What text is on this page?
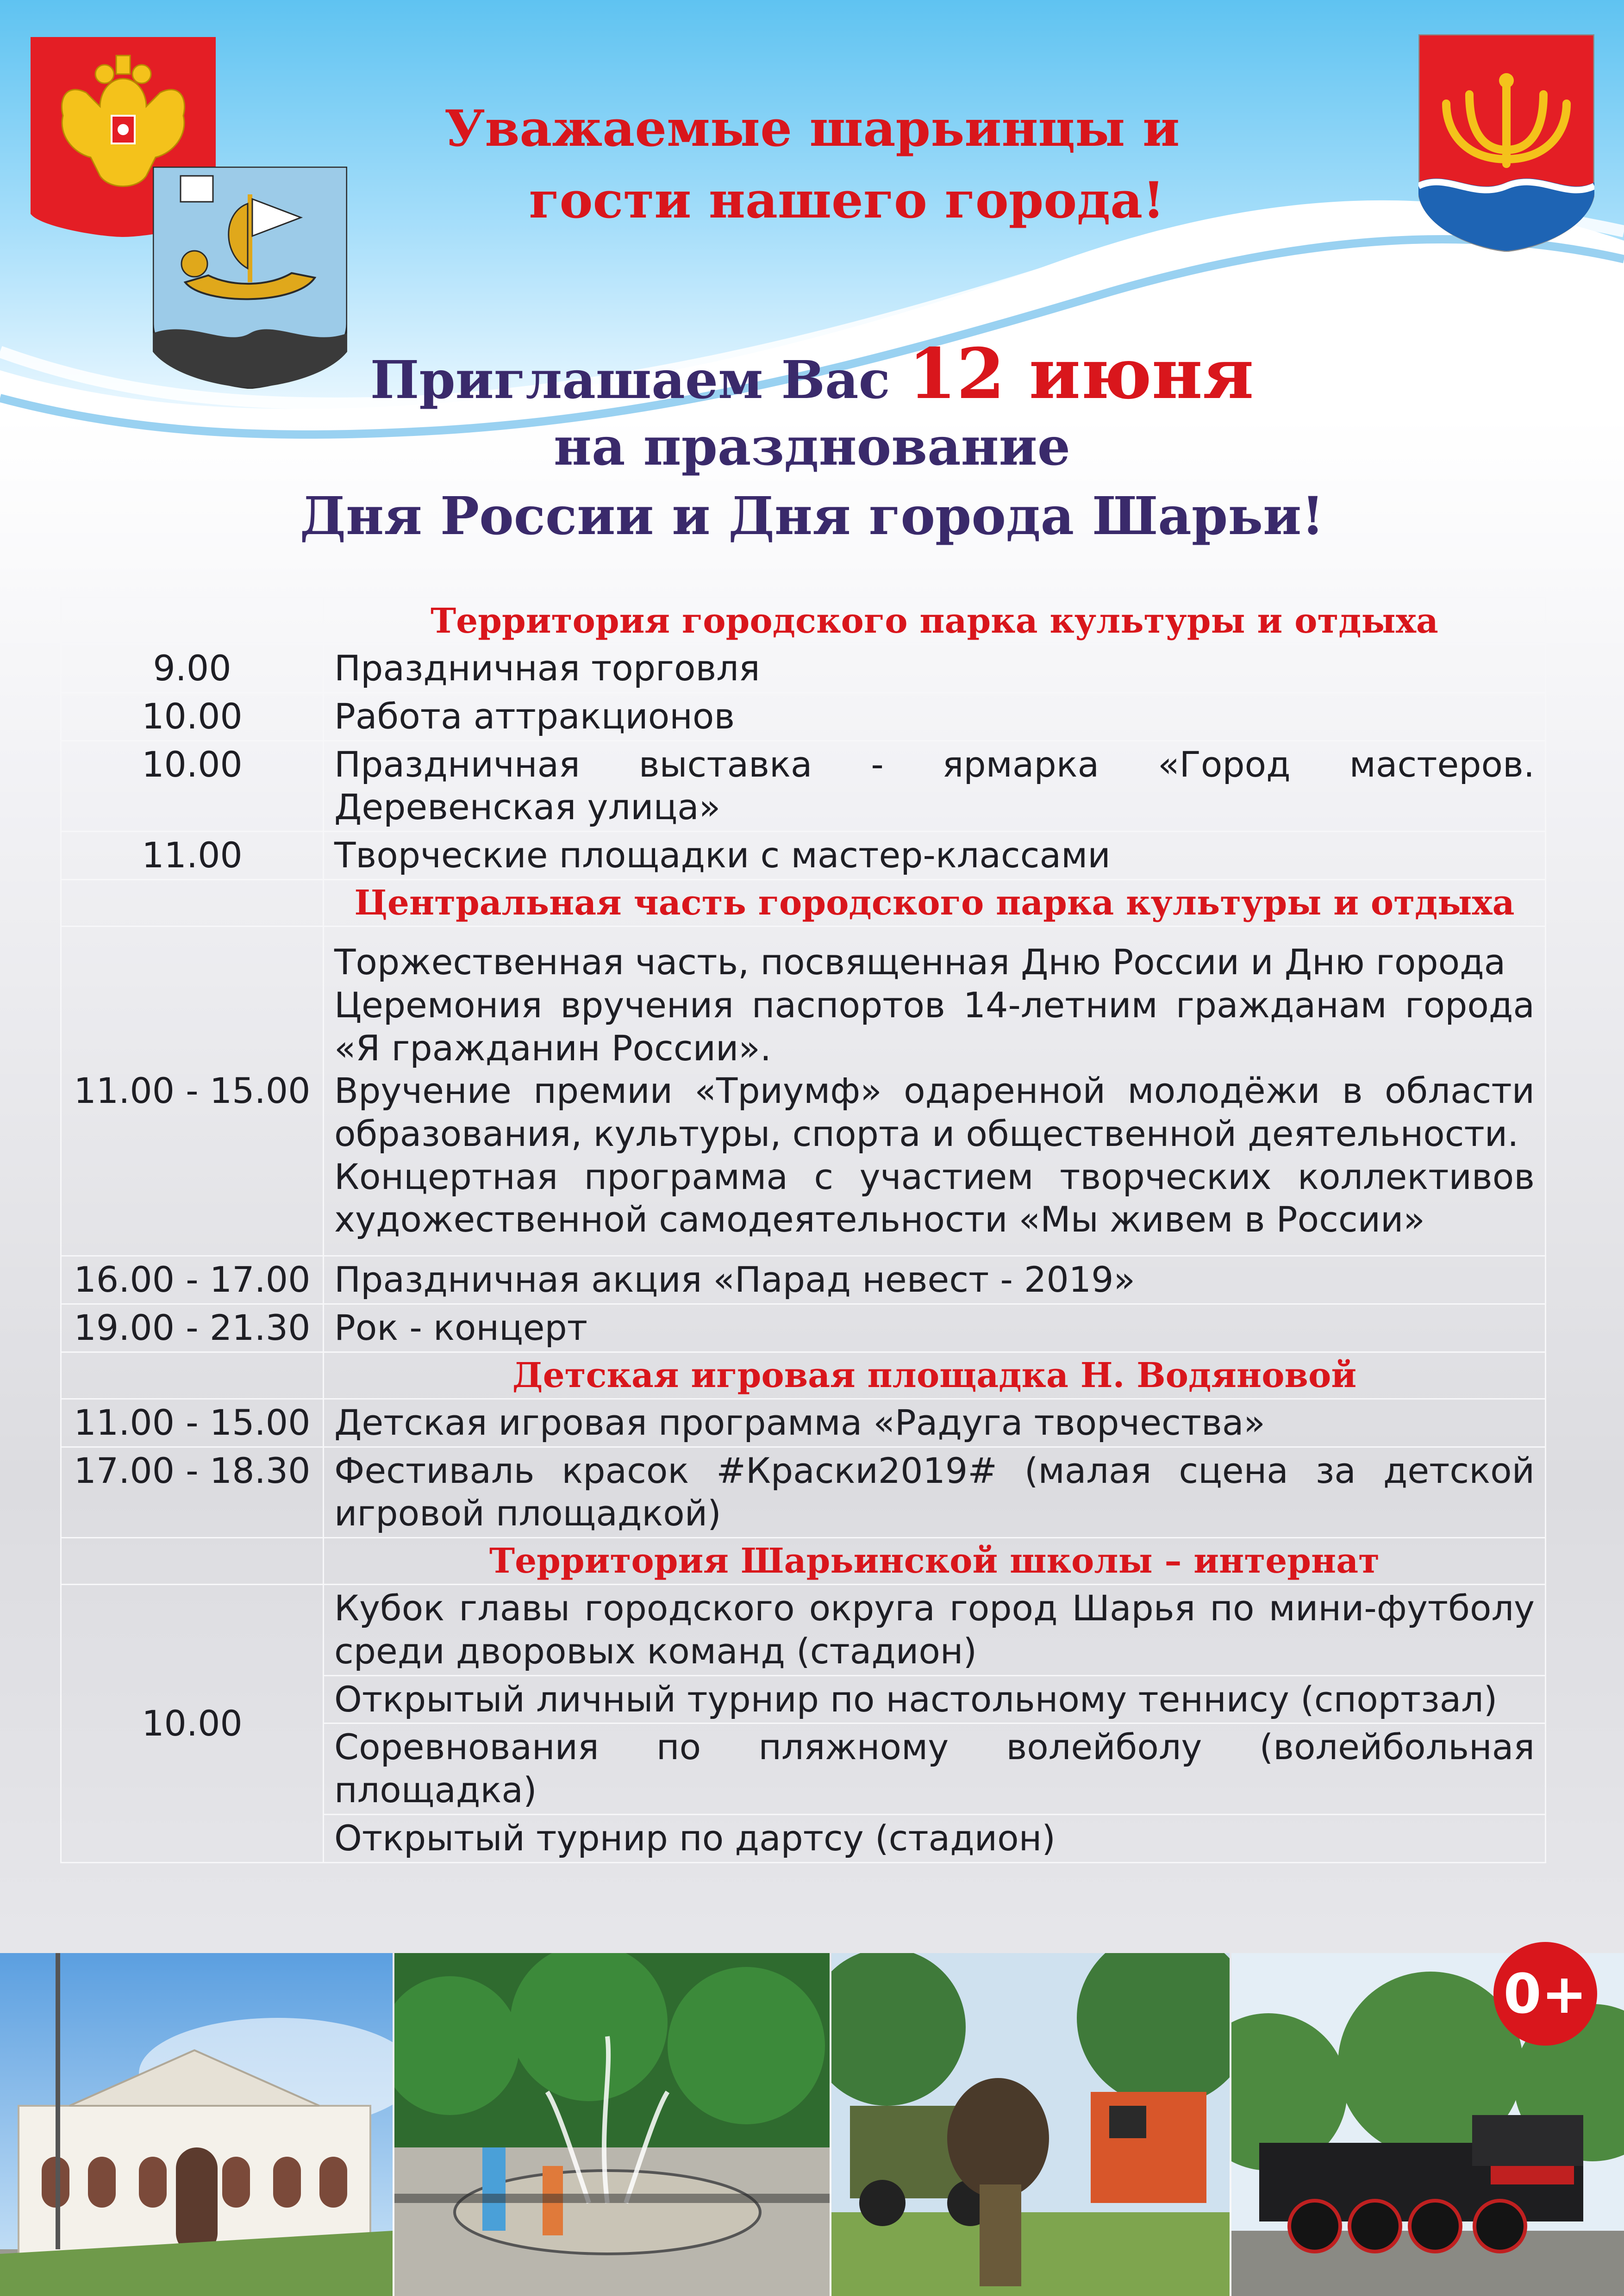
Уважаемые шарьинцы и
гости нашего города!
Приглашаем Вас 12 июня
на празднование
Дня России и Дня города Шарьи!
	Территория городского парка культуры и отдыха
9.00	Праздничная торговля
10.00	Работа аттракционов
10.00	Праздничная выставка - ярмарка «Город мастеров. Деревенская улица»
11.00	Творческие площадки с мастер-классами
	Центральная часть городского парка культуры и отдыха
11.00 - 15.00	Торжественная часть, посвященная Дню России и Дню города
Церемония вручения паспортов 14-летним гражданам города «Я гражданин России».
Вручение премии «Триумф» одаренной молодёжи в области образования, культуры, спорта и общественной деятельности.
Концертная программа с участием творческих коллективов художественной самодеятельности «Мы живем в России»

16.00 - 17.00	Праздничная акция «Парад невест - 2019»
19.00 - 21.30	Рок - концерт
	Детская игровая площадка Н. Водяновой
11.00 - 15.00	Детская игровая программа «Радуга творчества»
17.00 - 18.30	Фестиваль красок #Краски2019# (малая сцена за детской игровой площадкой)
	Территория Шарьинской школы – интернат
10.00	Кубок главы городского округа город Шарья по мини-футболу среди дворовых команд (стадион)
	Открытый личный турнир по настольному теннису (спортзал)
	Соревнования по пляжному волейболу (волейбольная площадка)
	Открытый турнир по дартсу (стадион)
0+
